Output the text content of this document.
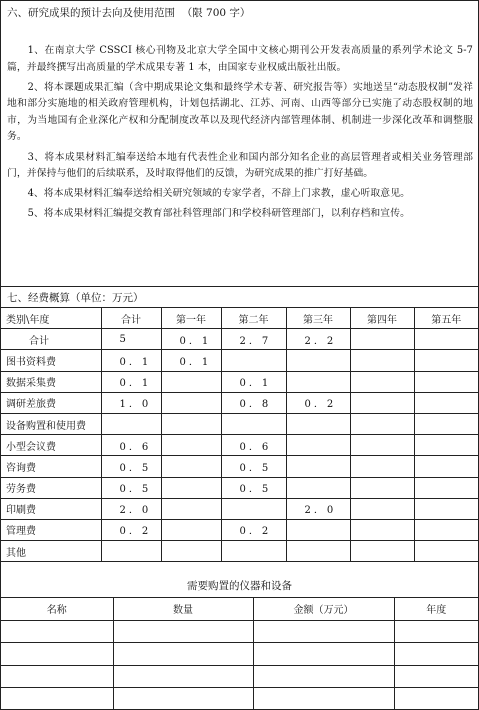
六、研究成果的预计去向及使用范围 （限 700 字）

1、在南京大学 CSSCI 核心刊物及北京大学全国中文核心期刊公开发表高质量的系列学术论文 5-7 篇，并最终撰写出高质量的学术成果专著 1 本，由国家专业权威出版社出版。

2、将本课题成果汇编（含中期成果论文集和最终学术专著、研究报告等）实地送呈“动态股权制”发祥地和部分实施地的相关政府管理机构，计划包括湖北、江苏、河南、山西等部分已实施了动态股权制的地市，为当地国有企业深化产权和分配制度改革以及现代经济内部管理体制、机制进一步深化改革和调整服务。

3、将本成果材料汇编奉送给本地有代表性企业和国内部分知名企业的高层管理者或相关业务管理部门，并保持与他们的后续联系，及时取得他们的反馈，为研究成果的推广打好基础。

4、将本成果材料汇编奉送给相关研究领域的专家学者，不辞上门求教，虚心听取意见。

5、将本成果材料汇编提交教育部社科管理部门和学校科研管理部门，以利存档和宣传。

七、经费概算（单位：万元）
类别\年度	合计	第一年	第二年	第三年	第四年	第五年
合计	5	0．1	2．7	2．2		
图书资料费	0．1	0．1				
数据采集费	0．1		0．1			
调研差旅费	1．0		0．8	0．2		
设备购置和使用费						
小型会议费	0．6		0．6			
咨询费	0．5		0．5			
劳务费	0．5		0．5			
印刷费	2．0			2．0		
管理费	0．2		0．2			
其他						
需要购置的仪器和设备
名称	数量	金额（万元）	年度
